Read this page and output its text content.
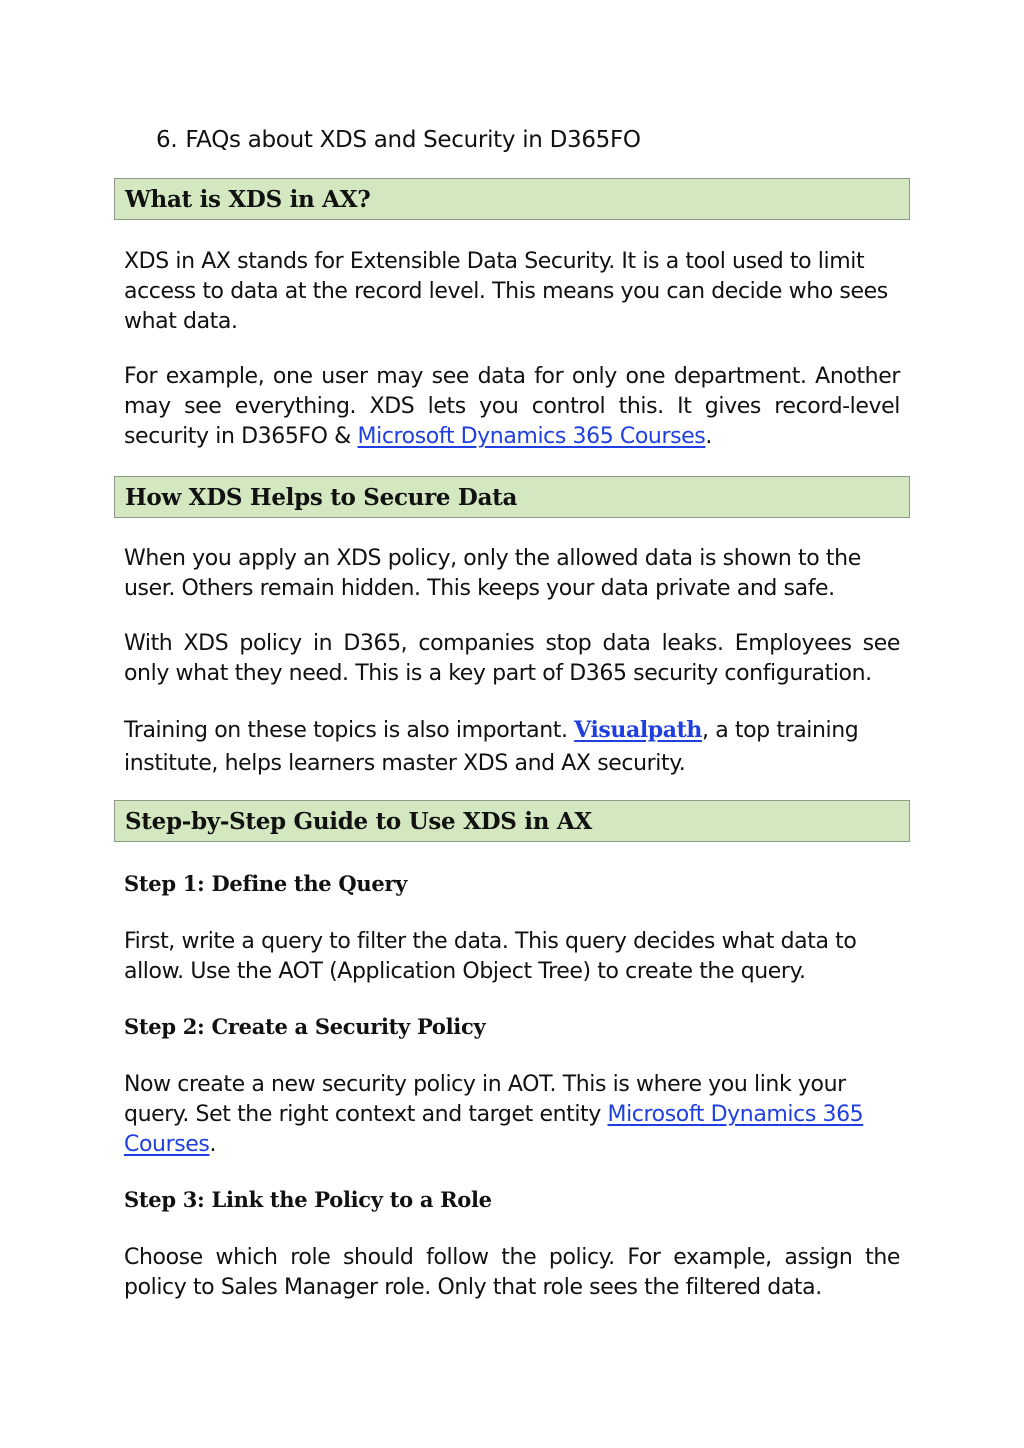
6. FAQs about XDS and Security in D365FO
What is XDS in AX?

XDS in AX stands for Extensible Data Security. It is a tool used to limit access to data at the record level. This means you can decide who sees what data.

For example, one user may see data for only one department. Another may see everything. XDS lets you control this. It gives record-level security in D365FO & Microsoft Dynamics 365 Courses.

How XDS Helps to Secure Data

When you apply an XDS policy, only the allowed data is shown to the user. Others remain hidden. This keeps your data private and safe.

With XDS policy in D365, companies stop data leaks. Employees see only what they need. This is a key part of D365 security configuration.

Training on these topics is also important. Visualpath, a top training institute, helps learners master XDS and AX security.

Step-by-Step Guide to Use XDS in AX
Step 1: Define the Query

First, write a query to filter the data. This query decides what data to allow. Use the AOT (Application Object Tree) to create the query.

Step 2: Create a Security Policy

Now create a new security policy in AOT. This is where you link your query. Set the right context and target entity Microsoft Dynamics 365 Courses.

Step 3: Link the Policy to a Role

Choose which role should follow the policy. For example, assign the policy to Sales Manager role. Only that role sees the filtered data.
